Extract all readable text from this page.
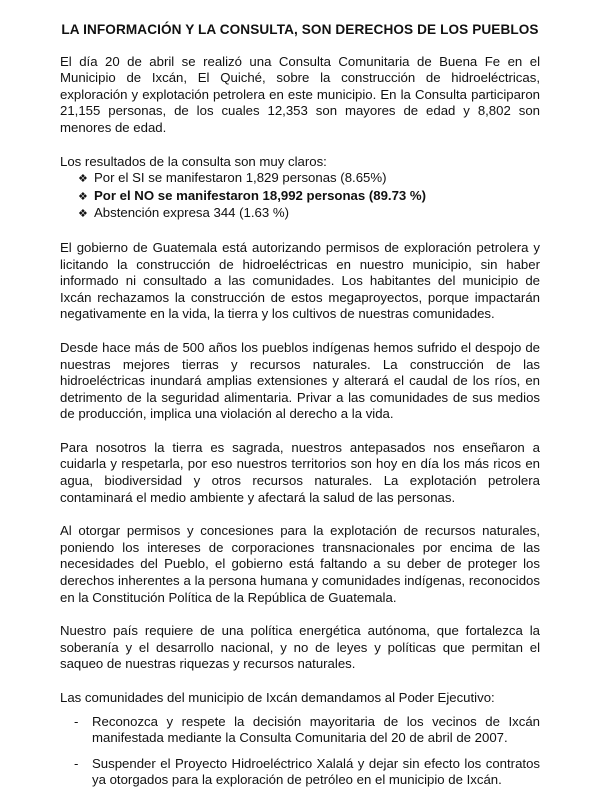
LA INFORMACIÓN Y LA CONSULTA, SON DERECHOS DE LOS PUEBLOS

El día 20 de abril se realizó una Consulta Comunitaria de Buena Fe en el Municipio de Ixcán, El Quiché, sobre la construcción de hidroeléctricas, exploración y explotación petrolera en este municipio. En la Consulta participaron 21,155 personas, de los cuales 12,353 son mayores de edad y 8,802 son menores de edad.

Los resultados de la consulta son muy claros:

❖ Por el SI se manifestaron 1,829 personas (8.65%)
❖ Por el NO se manifestaron 18,992 personas (89.73 %)
❖ Abstención expresa 344 (1.63 %)

El gobierno de Guatemala está autorizando permisos de exploración petrolera y licitando la construcción de hidroeléctricas en nuestro municipio, sin haber informado ni consultado a las comunidades. Los habitantes del municipio de Ixcán rechazamos la construcción de estos megaproyectos, porque impactarán negativamente en la vida, la tierra y los cultivos de nuestras comunidades.

Desde hace más de 500 años los pueblos indígenas hemos sufrido el despojo de nuestras mejores tierras y recursos naturales. La construcción de las hidroeléctricas inundará amplias extensiones y alterará el caudal de los ríos, en detrimento de la seguridad alimentaria. Privar a las comunidades de sus medios de producción, implica una violación al derecho a la vida.

Para nosotros la tierra es sagrada, nuestros antepasados nos enseñaron a cuidarla y respetarla, por eso nuestros territorios son hoy en día los más ricos en agua, biodiversidad y otros recursos naturales. La explotación petrolera contaminará el medio ambiente y afectará la salud de las personas.

Al otorgar permisos y concesiones para la explotación de recursos naturales, poniendo los intereses de corporaciones transnacionales por encima de las necesidades del Pueblo, el gobierno está faltando a su deber de proteger los derechos inherentes a la persona humana y comunidades indígenas, reconocidos en la Constitución Política de la República de Guatemala.

Nuestro país requiere de una política energética autónoma, que fortalezca la soberanía y el desarrollo nacional, y no de leyes y políticas que permitan el saqueo de nuestras riquezas y recursos naturales.

Las comunidades del municipio de Ixcán demandamos al Poder Ejecutivo:

-	Reconozca y respete la decisión mayoritaria de los vecinos de Ixcán manifestada mediante la Consulta Comunitaria del 20 de abril de 2007.
-	Suspender el Proyecto Hidroeléctrico Xalalá y dejar sin efecto los contratos ya otorgados para la exploración de petróleo en el municipio de Ixcán.
